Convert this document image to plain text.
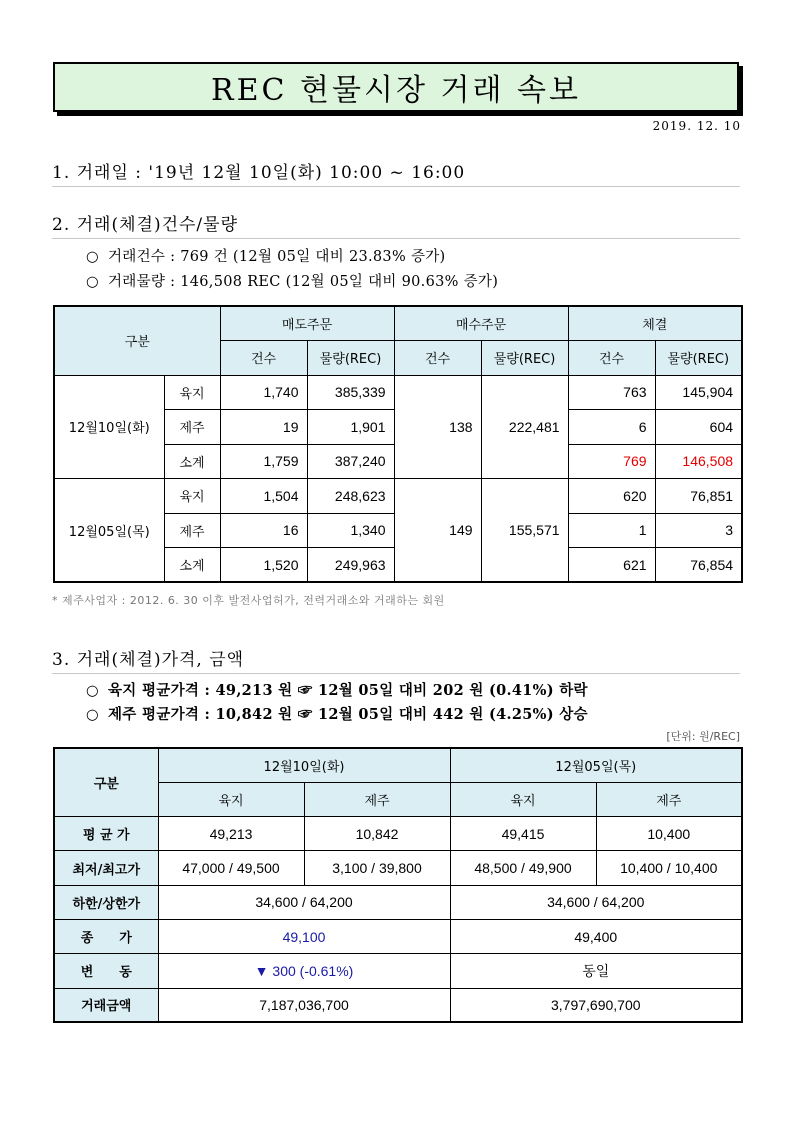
REC 현물시장 거래 속보
2019. 12. 10
1. 거래일 : '19년 12월 10일(화) 10:00 ~ 16:00
2. 거래(체결)건수/물량
○ 거래건수 : 769 건 (12월 05일 대비 23.83% 증가)
○ 거래물량 : 146,508 REC (12월 05일 대비 90.63% 증가)
구분		매도주문		매수주문		체결	
		건수	물량(REC)	건수	물량(REC)	건수	물량(REC)
12월10일(화)	육지	1,740	385,339	138	222,481	763	145,904
	제주	19	1,901			6	604
	소계	1,759	387,240			769	146,508
12월05일(목)	육지	1,504	248,623	149	155,571	620	76,851
	제주	16	1,340			1	3
	소계	1,520	249,963			621	76,854
* 제주사업자 : 2012. 6. 30 이후 발전사업허가, 전력거래소와 거래하는 회원
3. 거래(체결)가격, 금액
○ 육지 평균가격 : 49,213 원 ☞ 12월 05일 대비 202 원 (0.41%) 하락
○ 제주 평균가격 : 10,842 원 ☞ 12월 05일 대비 442 원 (4.25%) 상승
[단위: 원/REC]
구분	12월10일(화)		12월05일(목)	
	육지	제주	육지	제주
평 균 가	49,213	10,842	49,415	10,400
최저/최고가	47,000 / 49,500	3,100 / 39,800	48,500 / 49,900	10,400 / 10,400
하한/상한가	34,600 / 64,200		34,600 / 64,200	
종　　가	49,100		49,400	
변　　동	▼ 300 (-0.61%)		동일	
거래금액	7,187,036,700		3,797,690,700	
